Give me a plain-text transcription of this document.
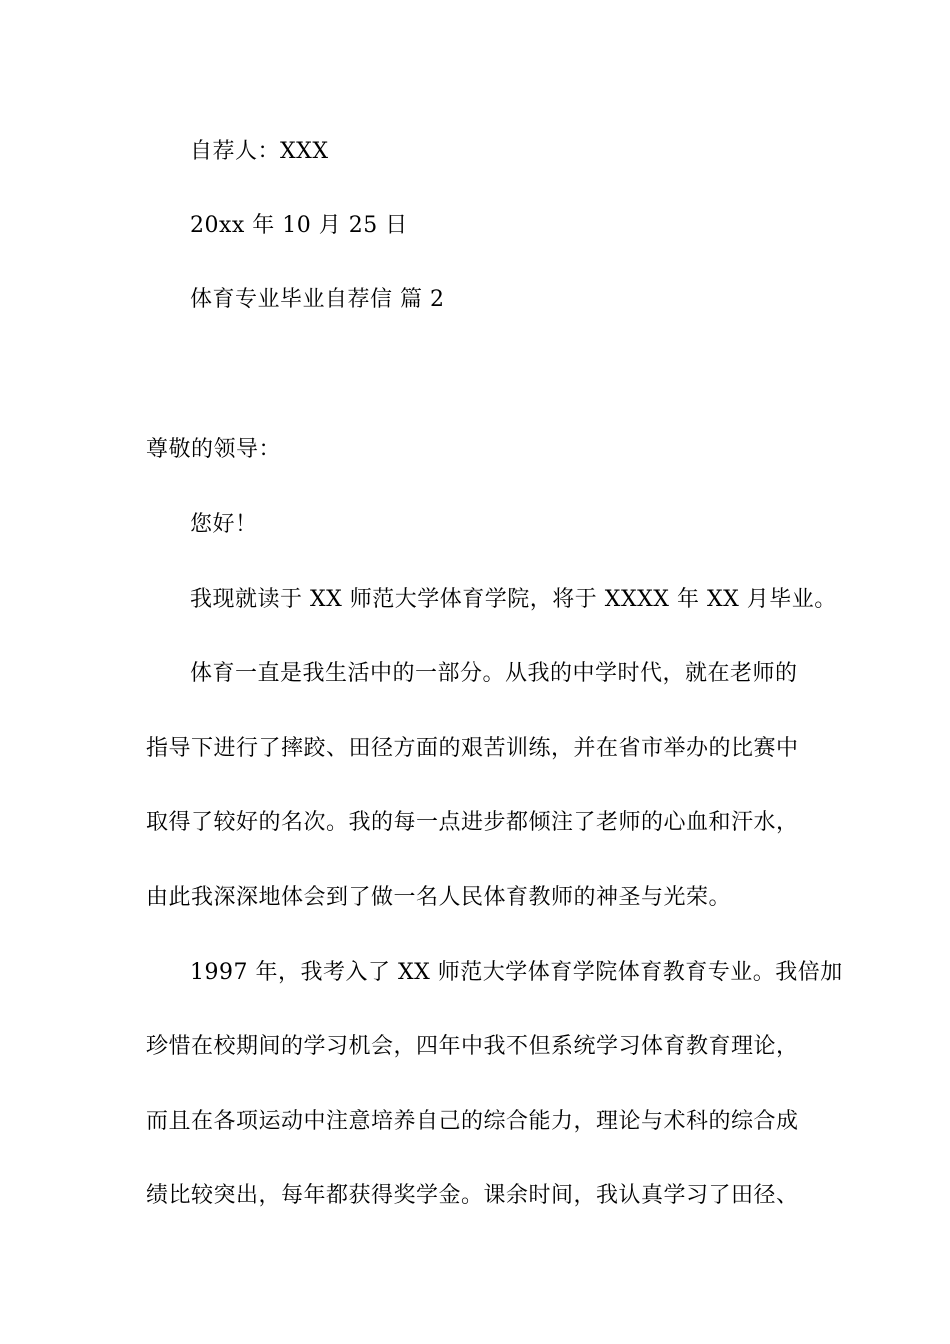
自荐人：XXX
20xx 年 10 月 25 日
体育专业毕业自荐信 篇 2
尊敬的领导：
您好！
我现就读于 XX 师范大学体育学院，将于 XXXX 年 XX 月毕业。
体育一直是我生活中的一部分。从我的中学时代，就在老师的
指导下进行了摔跤、田径方面的艰苦训练，并在省市举办的比赛中
取得了较好的名次。我的每一点进步都倾注了老师的心血和汗水，
由此我深深地体会到了做一名人民体育教师的神圣与光荣。
1997 年，我考入了 XX 师范大学体育学院体育教育专业。我倍加
珍惜在校期间的学习机会，四年中我不但系统学习体育教育理论，
而且在各项运动中注意培养自己的综合能力，理论与术科的综合成
绩比较突出，每年都获得奖学金。课余时间，我认真学习了田径、
